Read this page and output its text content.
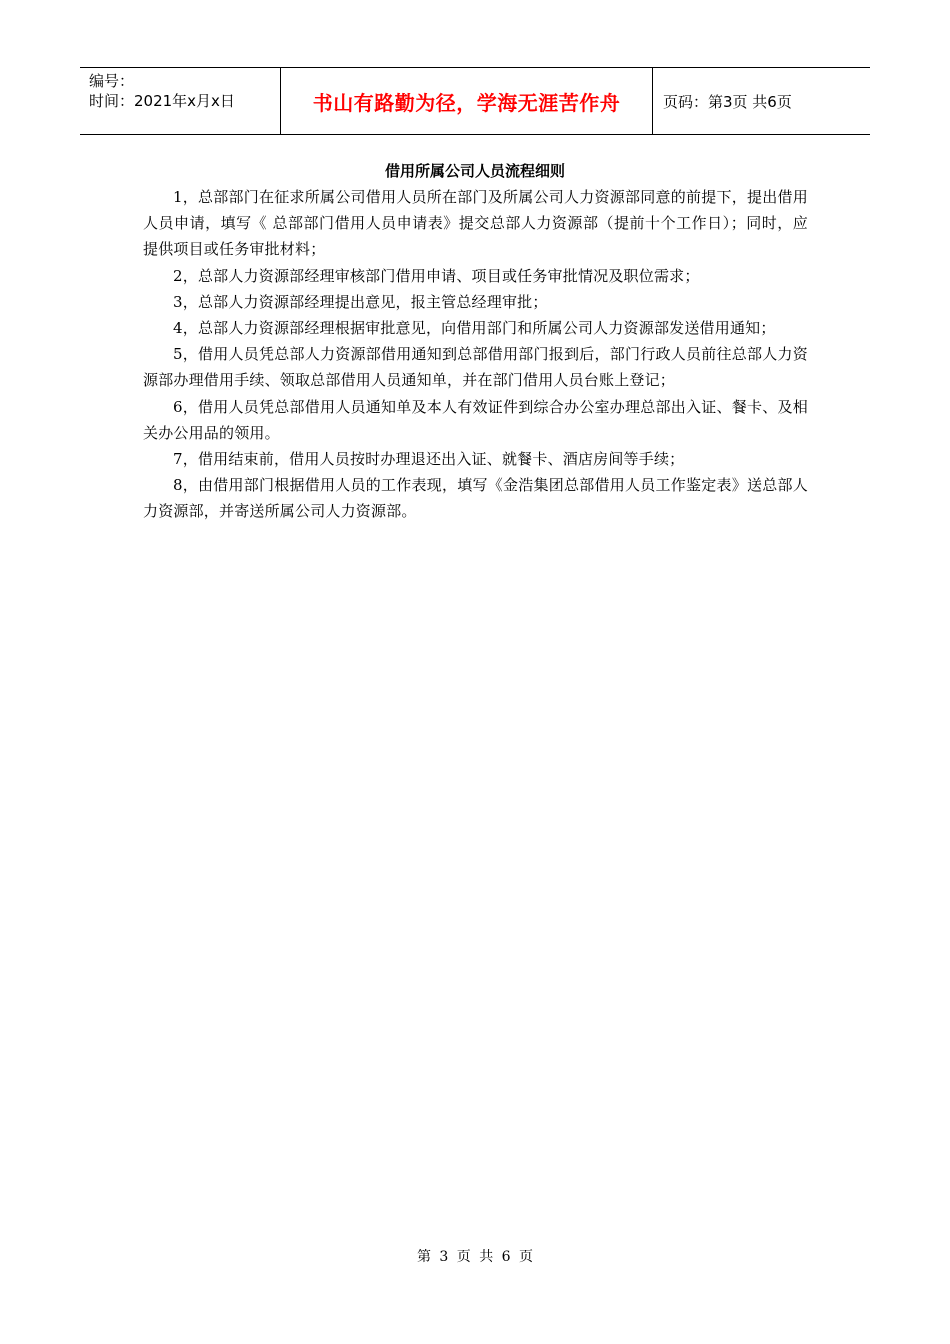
编号：
时间：2021年x月x日	书山有路勤为径，学海无涯苦作舟	页码：第3页 共6页
借用所属公司人员流程细则

1，总部部门在征求所属公司借用人员所在部门及所属公司人力资源部同意的前提下，提出借用人员申请，填写《 总部部门借用人员申请表》提交总部人力资源部（提前十个工作日）；同时，应提供项目或任务审批材料；

2，总部人力资源部经理审核部门借用申请、项目或任务审批情况及职位需求；

3，总部人力资源部经理提出意见，报主管总经理审批；

4，总部人力资源部经理根据审批意见，向借用部门和所属公司人力资源部发送借用通知；

5，借用人员凭总部人力资源部借用通知到总部借用部门报到后，部门行政人员前往总部人力资源部办理借用手续、领取总部借用人员通知单，并在部门借用人员台账上登记；

6，借用人员凭总部借用人员通知单及本人有效证件到综合办公室办理总部出入证、餐卡、及相关办公用品的领用。

7，借用结束前，借用人员按时办理退还出入证、就餐卡、酒店房间等手续；

8，由借用部门根据借用人员的工作表现，填写《金浩集团总部借用人员工作鉴定表》送总部人力资源部，并寄送所属公司人力资源部。

第 3 页 共 6 页
